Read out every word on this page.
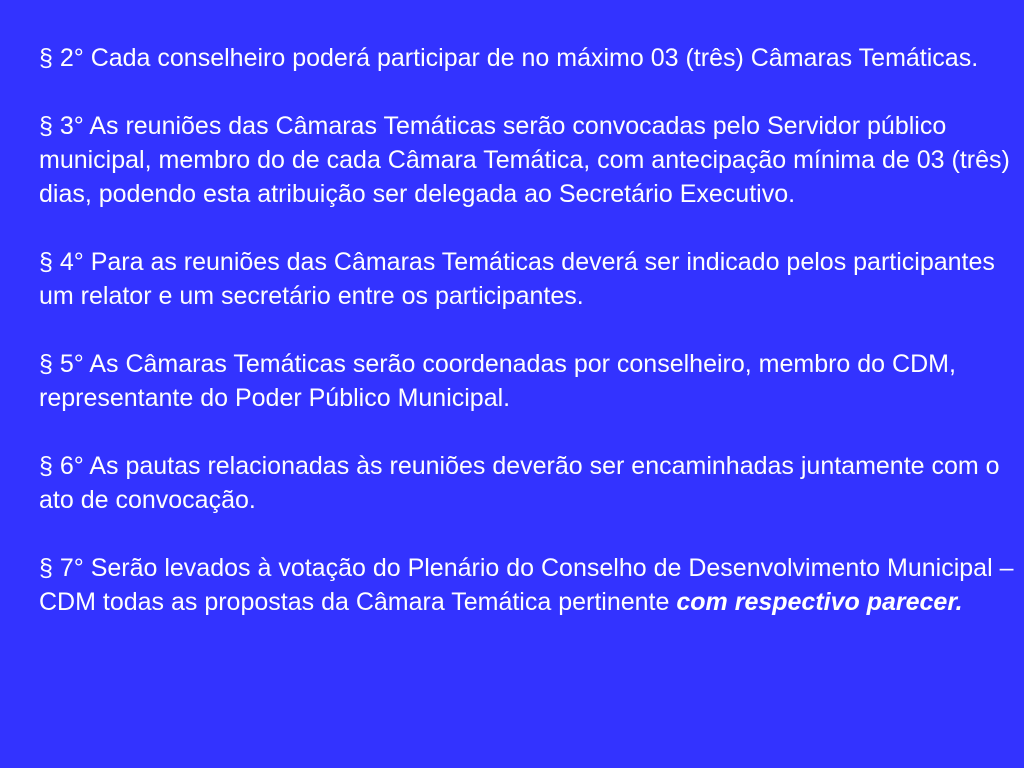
§ 2° Cada conselheiro poderá participar de no máximo 03 (três) Câmaras Temáticas.

§ 3° As reuniões das Câmaras Temáticas serão convocadas pelo Servidor público municipal, membro do de cada Câmara Temática, com antecipação mínima de 03 (três) dias, podendo esta atribuição ser delegada ao Secretário Executivo.

§ 4° Para as reuniões das Câmaras Temáticas deverá ser indicado pelos participantes um relator e um secretário entre os participantes.

§ 5° As Câmaras Temáticas serão coordenadas por conselheiro, membro do CDM, representante do Poder Público Municipal.

§ 6° As pautas relacionadas às reuniões deverão ser encaminhadas juntamente com o ato de convocação.

§ 7° Serão levados à votação do Plenário do Conselho de Desenvolvimento Municipal – CDM todas as propostas da Câmara Temática pertinente com respectivo parecer.
